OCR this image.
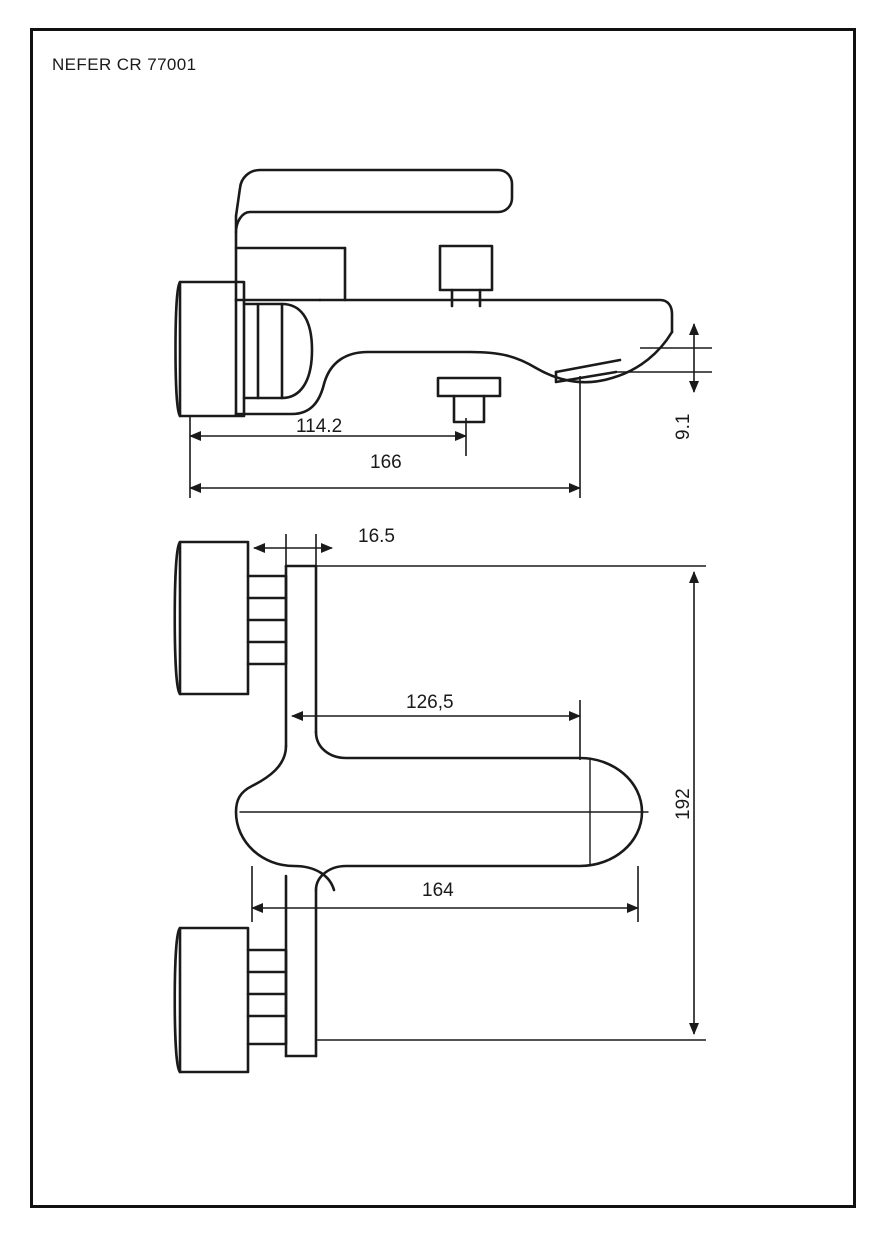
NEFER CR 77001
114.2
166
9.1
16.5
126,5
164
192
